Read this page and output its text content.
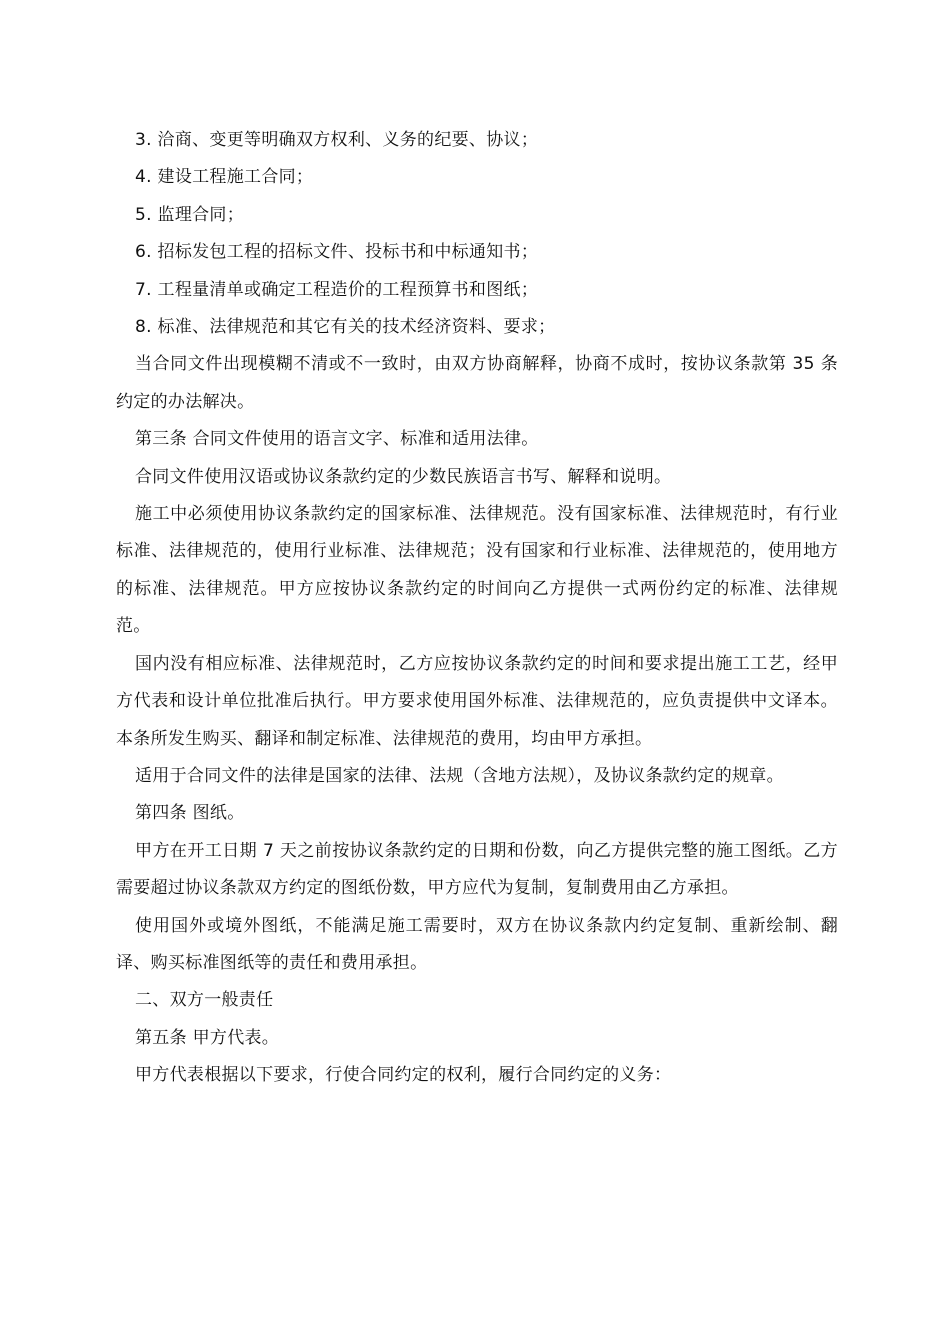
3. 洽商、变更等明确双方权利、义务的纪要、协议；

4. 建设工程施工合同；

5. 监理合同；

6. 招标发包工程的招标文件、投标书和中标通知书；

7. 工程量清单或确定工程造价的工程预算书和图纸；

8. 标准、法律规范和其它有关的技术经济资料、要求；

当合同文件出现模糊不清或不一致时，由双方协商解释，协商不成时，按协议条款第 35 条约定的办法解决。

第三条 合同文件使用的语言文字、标准和适用法律。

合同文件使用汉语或协议条款约定的少数民族语言书写、解释和说明。

施工中必须使用协议条款约定的国家标准、法律规范。没有国家标准、法律规范时，有行业标准、法律规范的，使用行业标准、法律规范；没有国家和行业标准、法律规范的，使用地方的标准、法律规范。甲方应按协议条款约定的时间向乙方提供一式两份约定的标准、法律规范。

国内没有相应标准、法律规范时，乙方应按协议条款约定的时间和要求提出施工工艺，经甲方代表和设计单位批准后执行。甲方要求使用国外标准、法律规范的，应负责提供中文译本。本条所发生购买、翻译和制定标准、法律规范的费用，均由甲方承担。

适用于合同文件的法律是国家的法律、法规（含地方法规），及协议条款约定的规章。

第四条 图纸。

甲方在开工日期 7 天之前按协议条款约定的日期和份数，向乙方提供完整的施工图纸。乙方需要超过协议条款双方约定的图纸份数，甲方应代为复制，复制费用由乙方承担。

使用国外或境外图纸，不能满足施工需要时，双方在协议条款内约定复制、重新绘制、翻译、购买标准图纸等的责任和费用承担。

二、双方一般责任

第五条 甲方代表。

甲方代表根据以下要求，行使合同约定的权利，履行合同约定的义务：
